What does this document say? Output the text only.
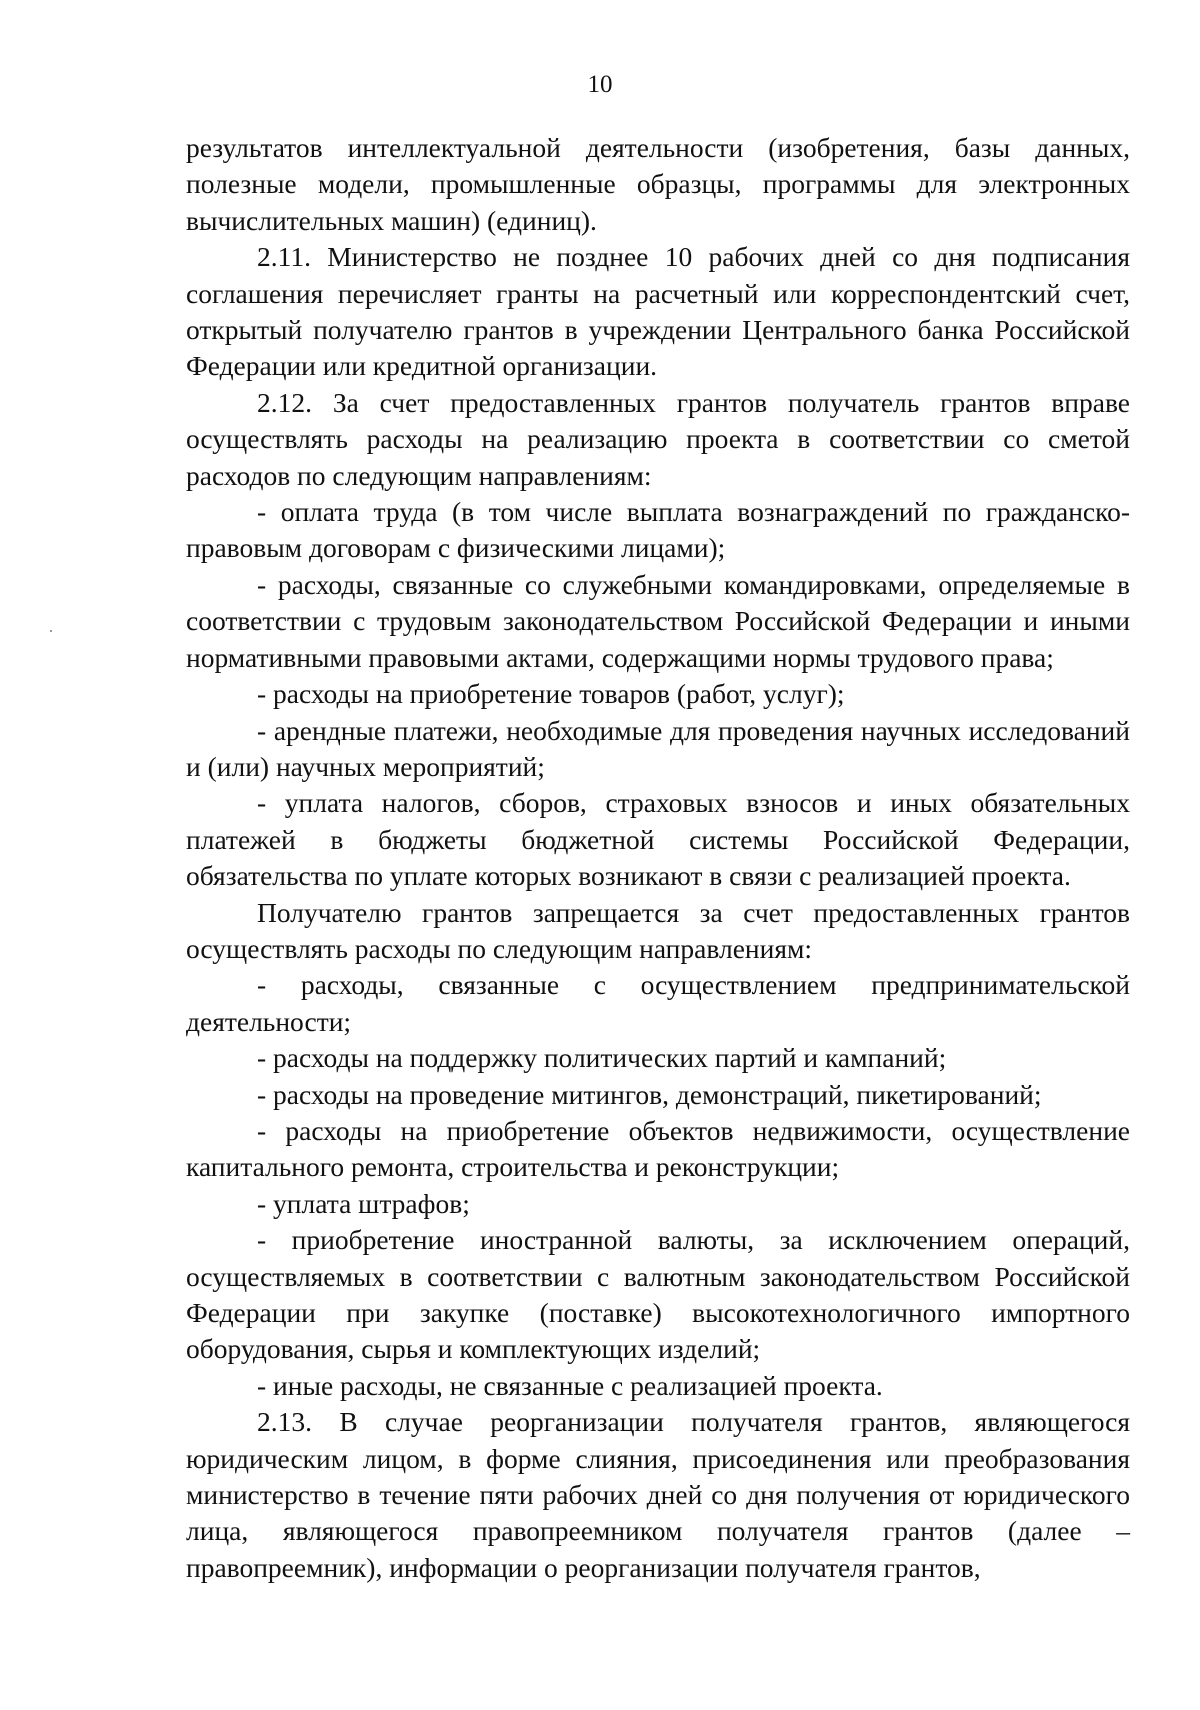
10

результатов интеллектуальной деятельности (изобретения, базы данных, полезные модели, промышленные образцы, программы для электронных вычислительных машин) (единиц).

2.11. Министерство не позднее 10 рабочих дней со дня подписания соглашения перечисляет гранты на расчетный или корреспондентский счет, открытый получателю грантов в учреждении Центрального банка Российской Федерации или кредитной организации.

2.12. За счет предоставленных грантов получатель грантов вправе осуществлять расходы на реализацию проекта в соответствии со сметой расходов по следующим направлениям:

- оплата труда (в том числе выплата вознаграждений по гражданско-правовым договорам с физическими лицами);

- расходы, связанные со служебными командировками, определяемые в соответствии с трудовым законодательством Российской Федерации и иными нормативными правовыми актами, содержащими нормы трудового права;

- расходы на приобретение товаров (работ, услуг);

- арендные платежи, необходимые для проведения научных исследований и (или) научных мероприятий;

- уплата налогов, сборов, страховых взносов и иных обязательных платежей в бюджеты бюджетной системы Российской Федерации, обязательства по уплате которых возникают в связи с реализацией проекта.

Получателю грантов запрещается за счет предоставленных грантов осуществлять расходы по следующим направлениям:

- расходы, связанные с осуществлением предпринимательской деятельности;

- расходы на поддержку политических партий и кампаний;

- расходы на проведение митингов, демонстраций, пикетирований;

- расходы на приобретение объектов недвижимости, осуществление капитального ремонта, строительства и реконструкции;

- уплата штрафов;

- приобретение иностранной валюты, за исключением операций, осуществляемых в соответствии с валютным законодательством Российской Федерации при закупке (поставке) высокотехнологичного импортного оборудования, сырья и комплектующих изделий;

- иные расходы, не связанные с реализацией проекта.

2.13. В случае реорганизации получателя грантов, являющегося юридическим лицом, в форме слияния, присоединения или преобразования министерство в течение пяти рабочих дней со дня получения от юридического лица, являющегося правопреемником получателя грантов (далее – правопреемник), информации о реорганизации получателя грантов,
